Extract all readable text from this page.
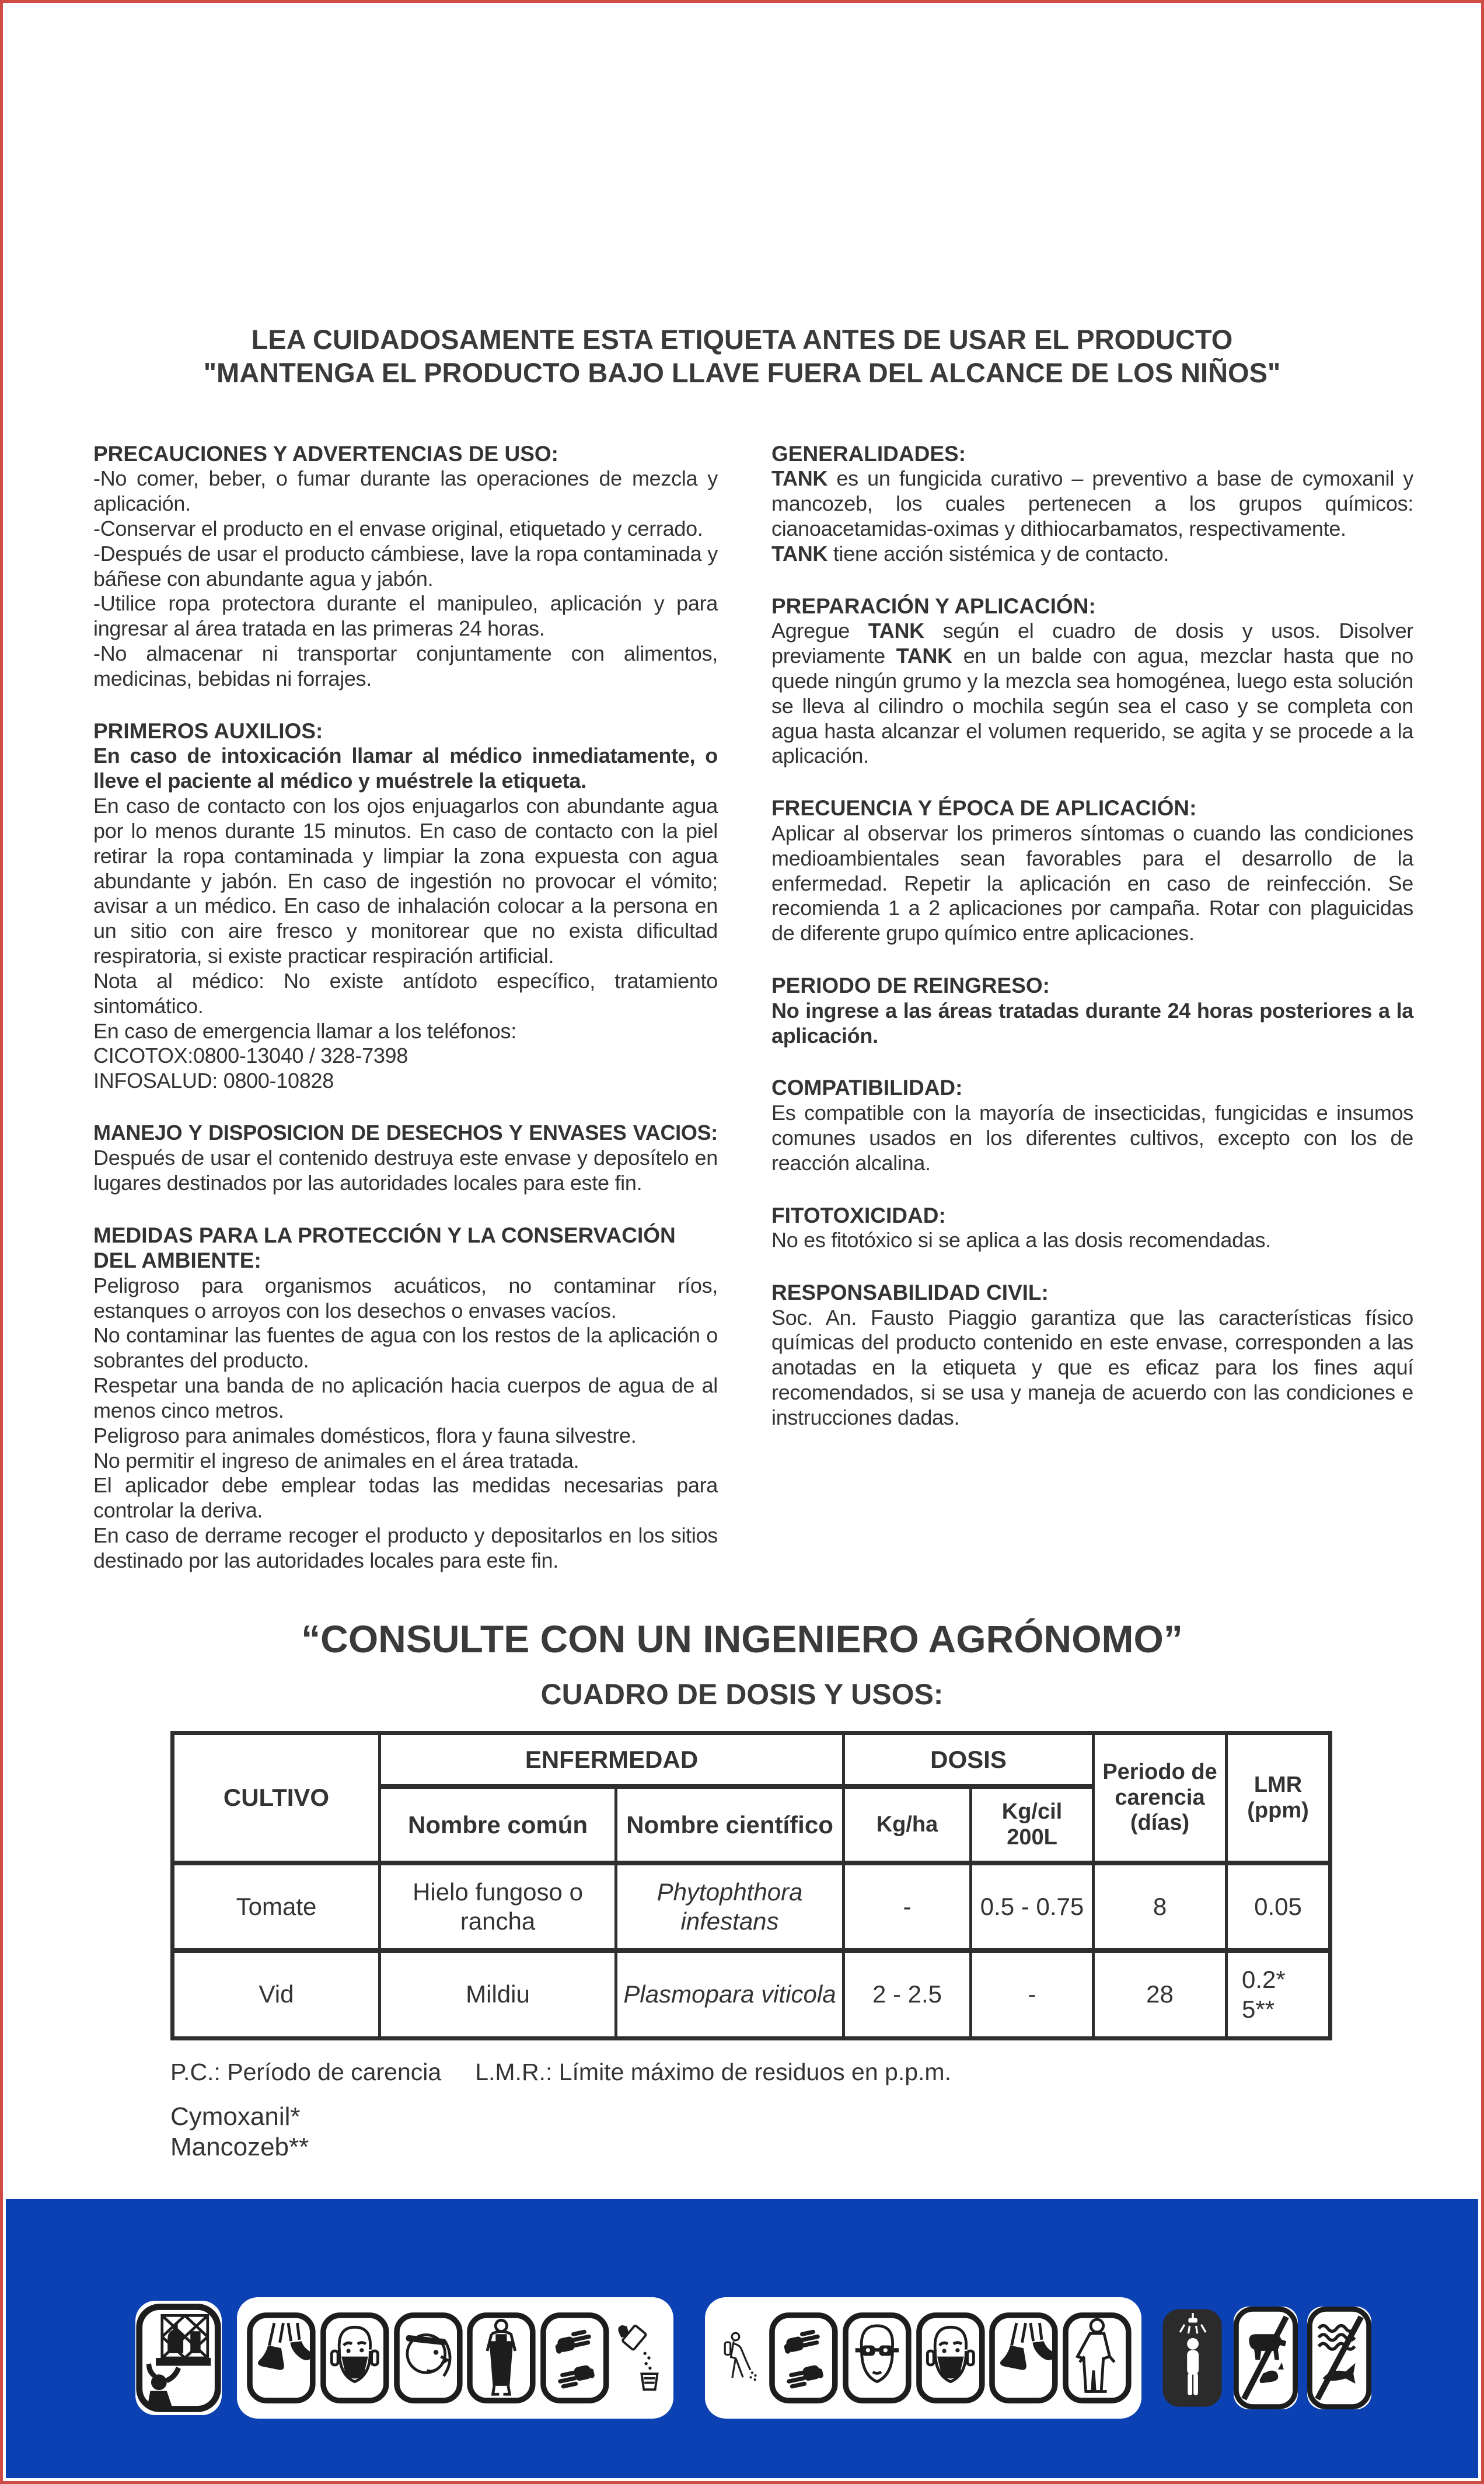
LEA CUIDADOSAMENTE ESTA ETIQUETA ANTES DE USAR EL PRODUCTO
"MANTENGA EL PRODUCTO BAJO LLAVE FUERA DEL ALCANCE DE LOS NIÑOS"
PRECAUCIONES Y ADVERTENCIAS DE USO:

-No comer, beber, o fumar durante las operaciones de mezcla y aplicación.

-Conservar el producto en el envase original, etiquetado y cerrado.

-Después de usar el producto cámbiese, lave la ropa contaminada y báñese con abundante agua y jabón.

-Utilice ropa protectora durante el manipuleo, aplicación y para ingresar al área tratada en las primeras 24 horas.

-No almacenar ni transportar conjuntamente con alimentos, medicinas, bebidas ni forrajes.

PRIMEROS AUXILIOS:

En caso de intoxicación llamar al médico inmediatamente, o lleve el paciente al médico y muéstrele la etiqueta.

En caso de contacto con los ojos enjuagarlos con abundante agua por lo menos durante 15 minutos. En caso de contacto con la piel retirar la ropa contaminada y limpiar la zona expuesta con agua abundante y jabón. En caso de ingestión no provocar el vómito; avisar a un médico. En caso de inhalación colocar a la persona en un sitio con aire fresco y monitorear que no exista dificultad respiratoria, si existe practicar respiración artificial.

Nota al médico: No existe antídoto específico, tratamiento sintomático.

En caso de emergencia llamar a los teléfonos:

CICOTOX:0800-13040 / 328-7398

INFOSALUD: 0800-10828

MANEJO Y DISPOSICION DE DESECHOS Y ENVASES VACIOS: Después de usar el contenido destruya este envase y deposítelo en lugares destinados por las autoridades locales para este fin.

MEDIDAS PARA LA PROTECCIÓN Y LA CONSERVACIÓN DEL AMBIENTE:

Peligroso para organismos acuáticos, no contaminar ríos, estanques o arroyos con los desechos o envases vacíos.

No contaminar las fuentes de agua con los restos de la aplicación o sobrantes del producto.

Respetar una banda de no aplicación hacia cuerpos de agua de al menos cinco metros.

Peligroso para animales domésticos, flora y fauna silvestre.

No permitir el ingreso de animales en el área tratada.

El aplicador debe emplear todas las medidas necesarias para controlar la deriva.

En caso de derrame recoger el producto y depositarlos en los sitios destinado por las autoridades locales para este fin.

GENERALIDADES:

TANK es un fungicida curativo – preventivo a base de cymoxanil y mancozeb, los cuales pertenecen a los grupos químicos: cianoacetamidas-oximas y dithiocarbamatos, respectivamente.

TANK tiene acción sistémica y de contacto.

PREPARACIÓN Y APLICACIÓN:

Agregue TANK según el cuadro de dosis y usos. Disolver previamente TANK en un balde con agua, mezclar hasta que no quede ningún grumo y la mezcla sea homogénea, luego esta solución se lleva al cilindro o mochila según sea el caso y se completa con agua hasta alcanzar el volumen requerido, se agita y se procede a la aplicación.

FRECUENCIA Y ÉPOCA DE APLICACIÓN:

Aplicar al observar los primeros síntomas o cuando las condiciones medioambientales sean favorables para el desarrollo de la enfermedad. Repetir la aplicación en caso de reinfección. Se recomienda 1 a 2 aplicaciones por campaña. Rotar con plaguicidas de diferente grupo químico entre aplicaciones.

PERIODO DE REINGRESO:

No ingrese a las áreas tratadas durante 24 horas posteriores a la aplicación.

COMPATIBILIDAD:

Es compatible con la mayoría de insecticidas, fungicidas e insumos comunes usados en los diferentes cultivos, excepto con los de reacción alcalina.

FITOTOXICIDAD:

No es fitotóxico si se aplica a las dosis recomendadas.

RESPONSABILIDAD CIVIL:

Soc. An. Fausto Piaggio garantiza que las características físico químicas del producto contenido en este envase, corresponden a las anotadas en la etiqueta y que es eficaz para los fines aquí recomendados, si se usa y maneja de acuerdo con las condiciones e instrucciones dadas.

“CONSULTE CON UN INGENIERO AGRÓNOMO”
CUADRO DE DOSIS Y USOS:
CULTIVO	ENFERMEDAD		DOSIS		Periodo de carencia (días)	LMR (ppm)
	Nombre común	Nombre científico	Kg/ha	Kg/cil 200L		
Tomate	Hielo fungoso o rancha	Phytophthora infestans	-	0.5 - 0.75	8	0.05
Vid	Mildiu	Plasmopara viticola	2 - 2.5	-	28	0.2*
5**
P.C.: Período de carencia L.M.R.: Límite máximo de residuos en p.p.m.
Cymoxanil*
Mancozeb**
